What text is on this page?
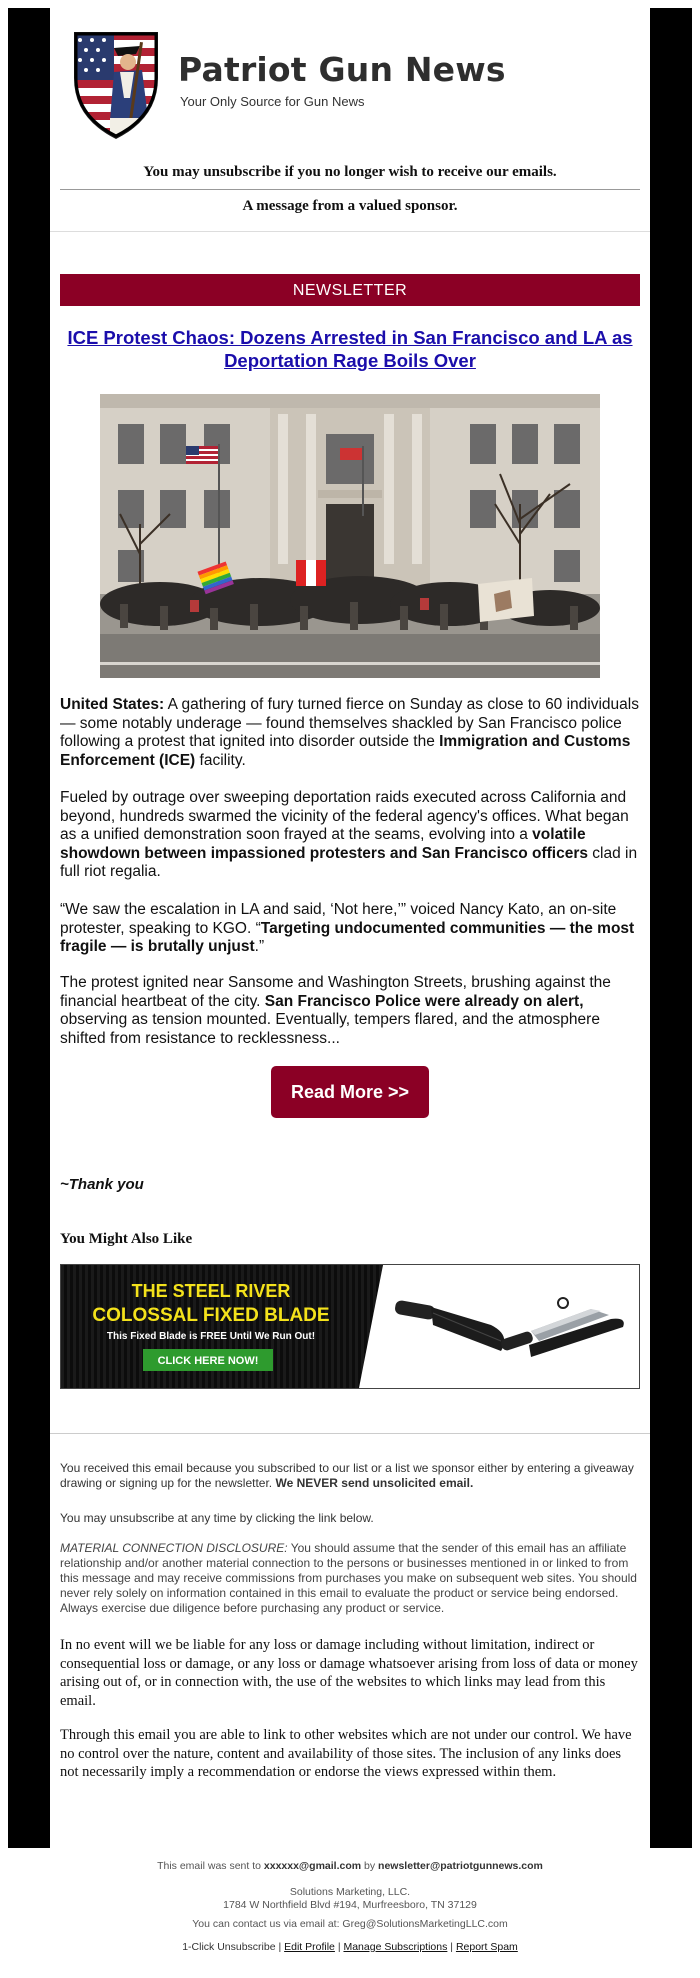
Patriot Gun News
Your Only Source for Gun News
You may unsubscribe if you no longer wish to receive our emails.
A message from a valued sponsor.
NEWSLETTER
ICE Protest Chaos: Dozens Arrested in San Francisco and LA as Deportation Rage Boils Over
United States: A gathering of fury turned fierce on Sunday as close to 60 individuals — some notably underage — found themselves shackled by San Francisco police following a protest that ignited into disorder outside the Immigration and Customs Enforcement (ICE) facility.
Fueled by outrage over sweeping deportation raids executed across California and beyond, hundreds swarmed the vicinity of the federal agency's offices. What began as a unified demonstration soon frayed at the seams, evolving into a volatile showdown between impassioned protesters and San Francisco officers clad in full riot regalia.
“We saw the escalation in LA and said, ‘Not here,’” voiced Nancy Kato, an on-site protester, speaking to KGO. “Targeting undocumented communities — the most fragile — is brutally unjust.”
The protest ignited near Sansome and Washington Streets, brushing against the financial heartbeat of the city. San Francisco Police were already on alert, observing as tension mounted. Eventually, tempers flared, and the atmosphere shifted from resistance to recklessness...
Read More >>
~Thank you
You Might Also Like
THE STEEL RIVER
COLOSSAL FIXED BLADE
This Fixed Blade is FREE Until We Run Out!
CLICK HERE NOW!
You received this email because you subscribed to our list or a list we sponsor either by entering a giveaway drawing or signing up for the newsletter. We NEVER send unsolicited email.
You may unsubscribe at any time by clicking the link below.
MATERIAL CONNECTION DISCLOSURE: You should assume that the sender of this email has an affiliate relationship and/or another material connection to the persons or businesses mentioned in or linked to from this message and may receive commissions from purchases you make on subsequent web sites. You should never rely solely on information contained in this email to evaluate the product or service being endorsed. Always exercise due diligence before purchasing any product or service.
In no event will we be liable for any loss or damage including without limitation, indirect or consequential loss or damage, or any loss or damage whatsoever arising from loss of data or money arising out of, or in connection with, the use of the websites to which links may lead from this email.
Through this email you are able to link to other websites which are not under our control. We have no control over the nature, content and availability of those sites. The inclusion of any links does not necessarily imply a recommendation or endorse the views expressed within them.
This email was sent to xxxxxx@gmail.com by newsletter@patriotgunnews.com
Solutions Marketing, LLC.
1784 W Northfield Blvd #194, Murfreesboro, TN 37129
You can contact us via email at: Greg@SolutionsMarketingLLC.com
1-Click Unsubscribe | Edit Profile | Manage Subscriptions | Report Spam
